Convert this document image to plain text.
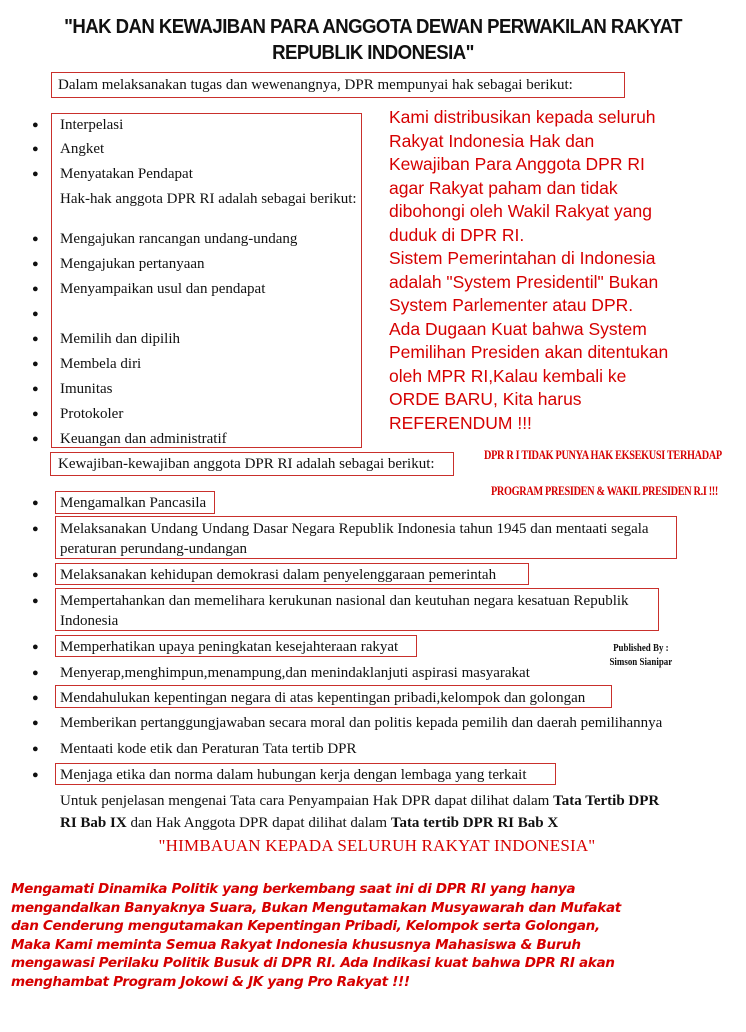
"HAK DAN KEWAJIBAN PARA ANGGOTA DEWAN PERWAKILAN RAKYAT
REPUBLIK INDONESIA"
Dalam melaksanakan tugas dan wewenangnya, DPR mempunyai hak sebagai berikut:
● Interpelasi
● Angket
● Menyatakan Pendapat
Hak-hak anggota DPR RI adalah sebagai berikut:
● Mengajukan rancangan undang-undang
● Mengajukan pertanyaan
● Menyampaikan usul dan pendapat
●
● Memilih dan dipilih
● Membela diri
● Imunitas
● Protokoler
● Keuangan dan administratif
Kami distribusikan kepada seluruh
Rakyat Indonesia Hak dan
Kewajiban Para Anggota DPR RI
agar Rakyat paham dan tidak
dibohongi oleh Wakil Rakyat yang
duduk di DPR RI.
Sistem Pemerintahan di Indonesia
adalah "System Presidentil" Bukan
System Parlementer atau DPR.
Ada Dugaan Kuat bahwa System
Pemilihan Presiden akan ditentukan
oleh MPR RI,Kalau kembali ke
ORDE BARU, Kita harus
REFERENDUM !!!
Kewajiban-kewajiban anggota DPR RI adalah sebagai berikut:
DPR R I TIDAK PUNYA HAK EKSEKUSI TERHADAP
PROGRAM PRESIDEN & WAKIL PRESIDEN R.I !!!
● Mengamalkan Pancasila
● Melaksanakan Undang Undang Dasar Negara Republik Indonesia tahun 1945 dan mentaati segala
peraturan perundang-undangan
● Melaksanakan kehidupan demokrasi dalam penyelenggaraan pemerintah
● Mempertahankan dan memelihara kerukunan nasional dan keutuhan negara kesatuan Republik
Indonesia
● Memperhatikan upaya peningkatan kesejahteraan rakyat
● Menyerap,menghimpun,menampung,dan menindaklanjuti aspirasi masyarakat
● Mendahulukan kepentingan negara di atas kepentingan pribadi,kelompok dan golongan
● Memberikan pertanggungjawaban secara moral dan politis kepada pemilih dan daerah pemilihannya
● Mentaati kode etik dan Peraturan Tata tertib DPR
● Menjaga etika dan norma dalam hubungan kerja dengan lembaga yang terkait
Published By :
Simson Sianipar
Untuk penjelasan mengenai Tata cara Penyampaian Hak DPR dapat dilihat dalam Tata Tertib DPR
RI Bab IX dan Hak Anggota DPR dapat dilihat dalam Tata tertib DPR RI Bab X
"HIMBAUAN KEPADA SELURUH RAKYAT INDONESIA"
Mengamati Dinamika Politik yang berkembang saat ini di DPR RI yang hanya
mengandalkan Banyaknya Suara, Bukan Mengutamakan Musyawarah dan Mufakat
dan Cenderung mengutamakan Kepentingan Pribadi, Kelompok serta Golongan,
Maka Kami meminta Semua Rakyat Indonesia khususnya Mahasiswa & Buruh
mengawasi Perilaku Politik Busuk di DPR RI. Ada Indikasi kuat bahwa DPR RI akan
menghambat Program Jokowi & JK yang Pro Rakyat !!!
